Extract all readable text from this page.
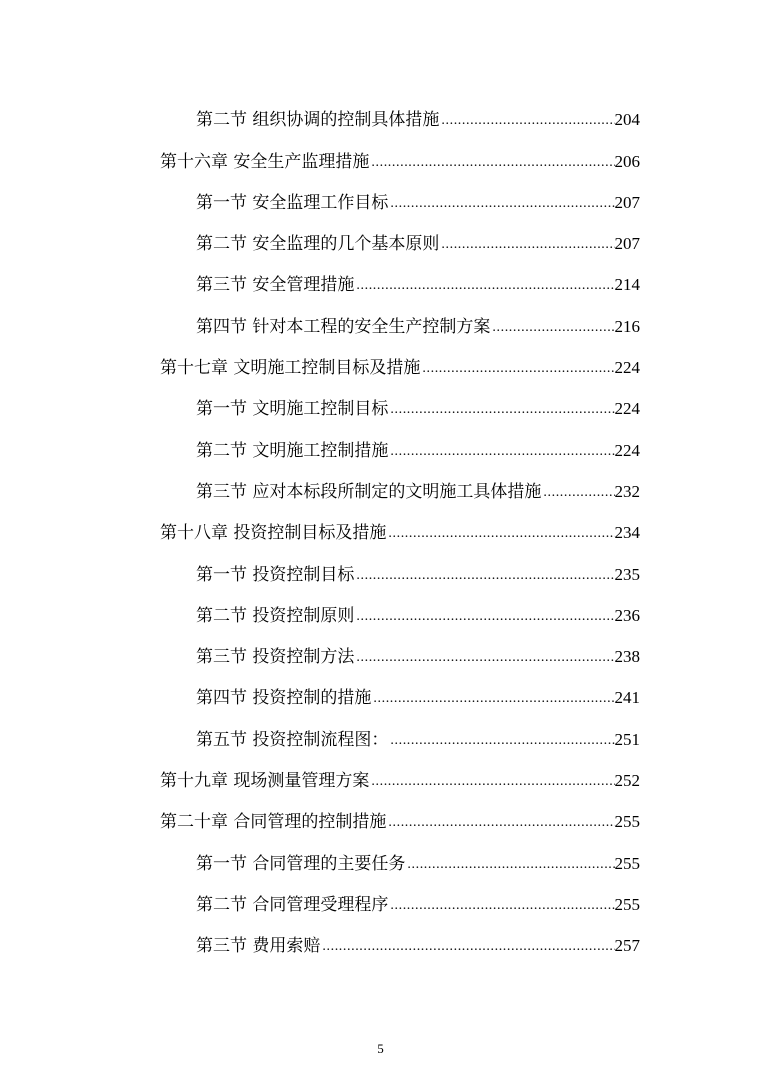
第二节 组织协调的控制具体措施 .....	204
第十六章 安全生产监理措施 .....	206
第一节 安全监理工作目标 .....	207
第二节 安全监理的几个基本原则 .....	207
第三节 安全管理措施 .....	214
第四节 针对本工程的安全生产控制方案 .....	216
第十七章 文明施工控制目标及措施 .....	224
第一节 文明施工控制目标 .....	224
第二节 文明施工控制措施 .....	224
第三节 应对本标段所制定的文明施工具体措施 .....	232
第十八章 投资控制目标及措施 .....	234
第一节 投资控制目标 .....	235
第二节 投资控制原则 .....	236
第三节 投资控制方法 .....	238
第四节 投资控制的措施 .....	241
第五节 投资控制流程图： .....	251
第十九章 现场测量管理方案 .....	252
第二十章 合同管理的控制措施 .....	255
第一节 合同管理的主要任务 .....	255
第二节 合同管理受理程序 .....	255
第三节 费用索赔 .....	257
5
